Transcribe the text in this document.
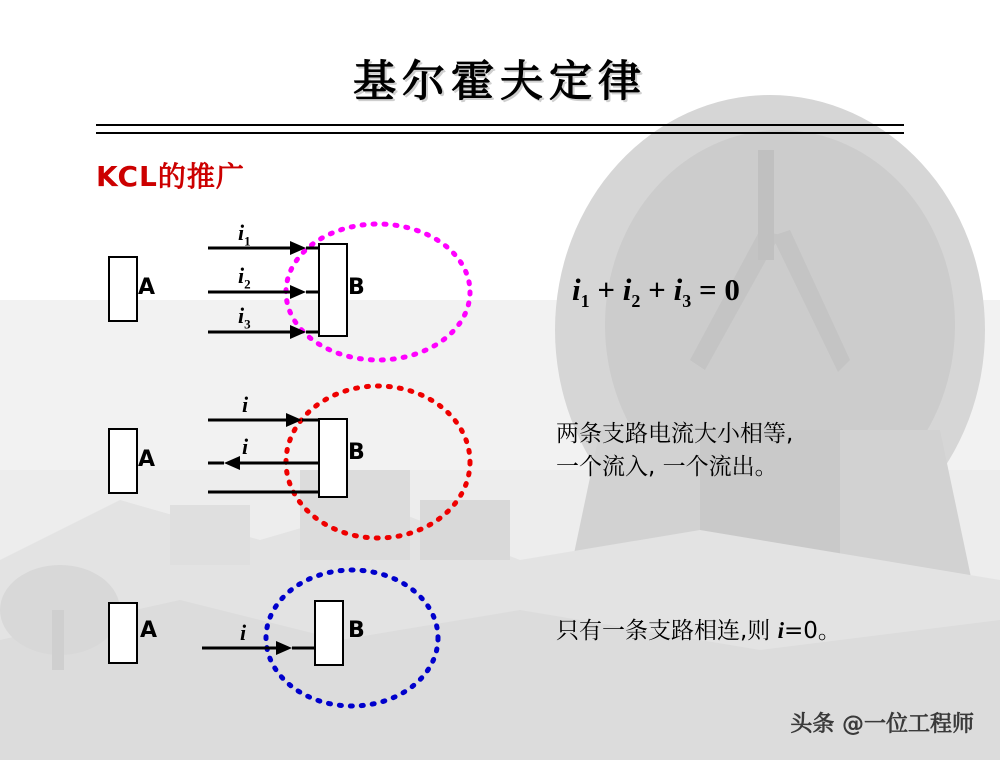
基尔霍夫定律
KCL的推广
A	B
$i_1$
$i_2$
$i_3$
$i_1 + i_2 + i_3 = 0$
A	B
i
i	两条支路电流大小相等,
一个流入, 一个流出。
A	B
i	只有一条支路相连,则 i=0。
头条 @一位工程师
